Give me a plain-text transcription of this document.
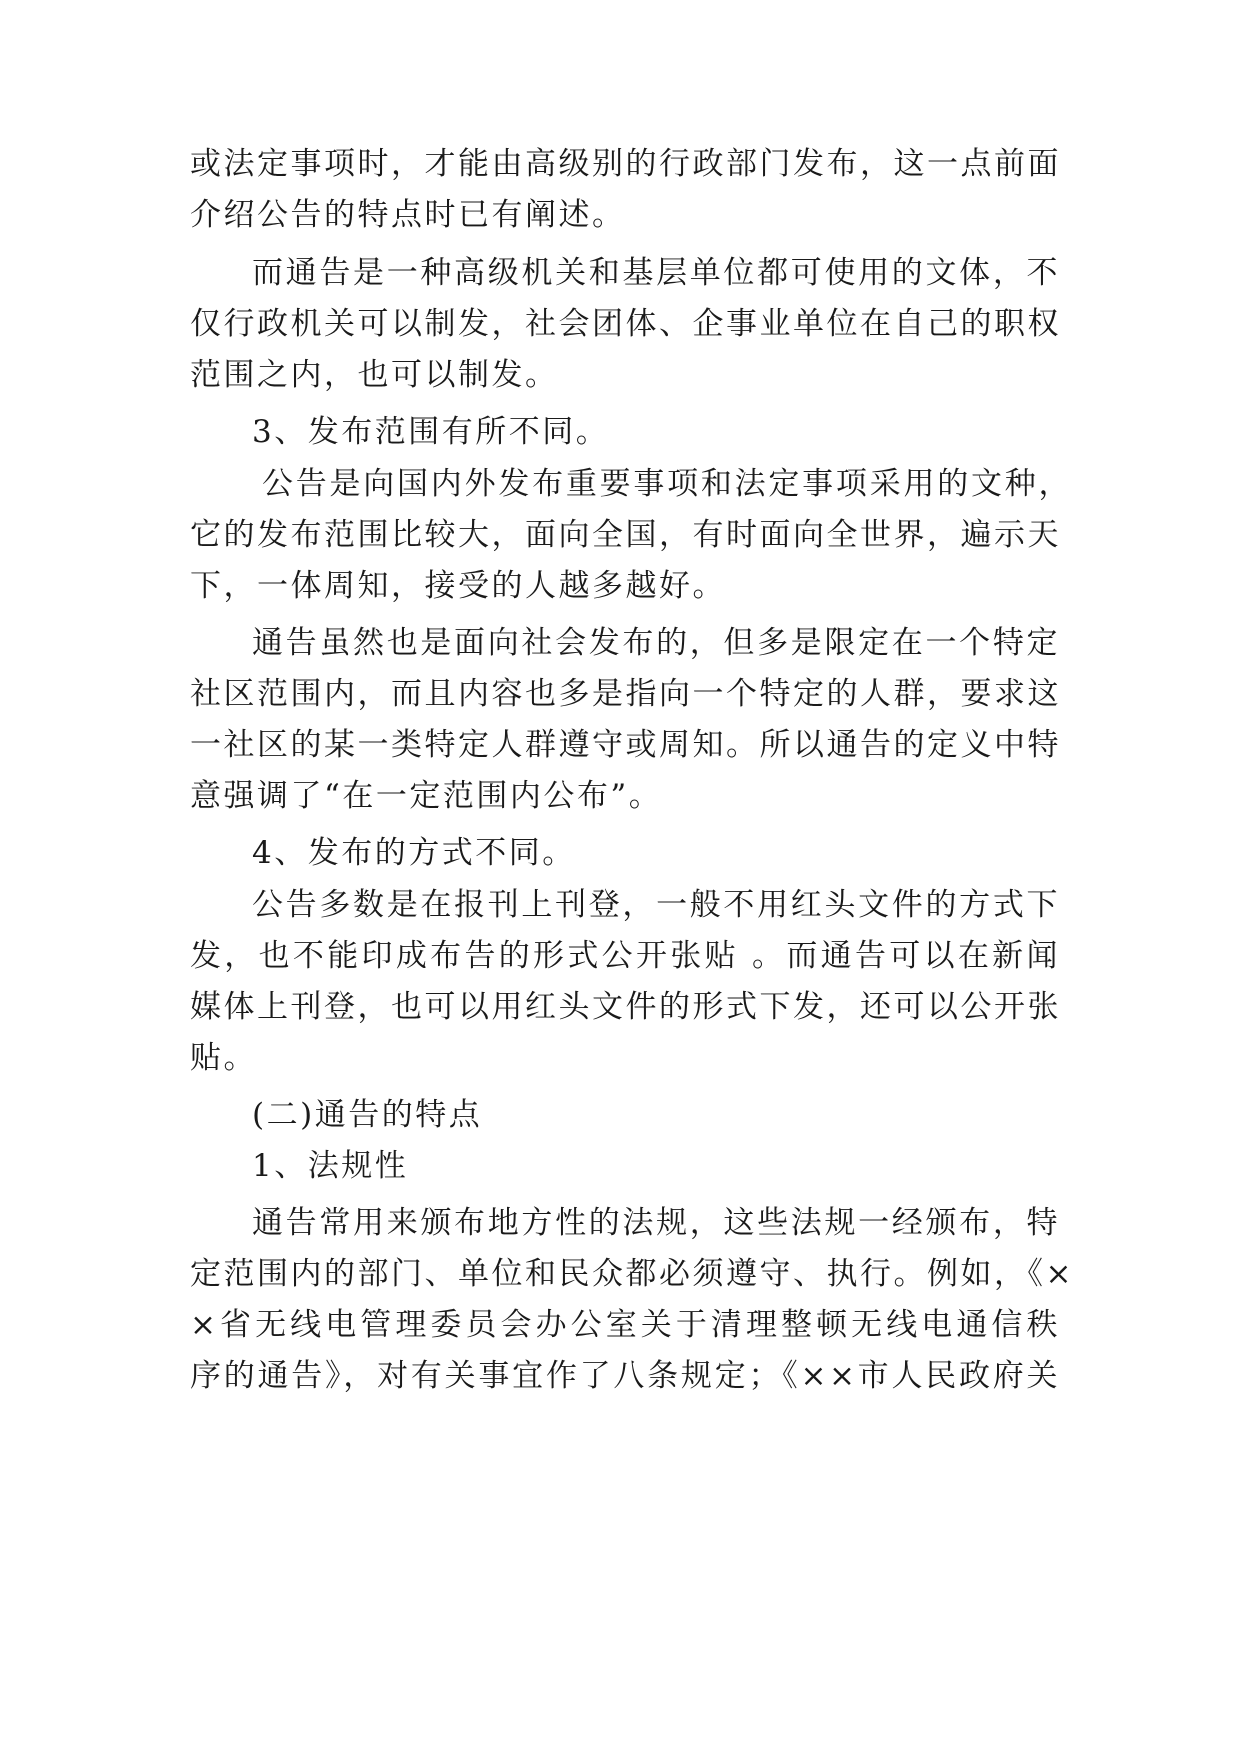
或法定事项时，才能由高级别的行政部门发布，这一点前面
介绍公告的特点时已有阐述。
而通告是一种高级机关和基层单位都可使用的文体，不
仅行政机关可以制发，社会团体、企事业单位在自己的职权
范围之内，也可以制发。
3、发布范围有所不同。
公告是向国内外发布重要事项和法定事项采用的文种，
它的发布范围比较大，面向全国，有时面向全世界，遍示天
下，一体周知，接受的人越多越好。
通告虽然也是面向社会发布的，但多是限定在一个特定
社区范围内，而且内容也多是指向一个特定的人群，要求这
一社区的某一类特定人群遵守或周知。所以通告的定义中特
意强调了“在一定范围内公布”。
4、发布的方式不同。
公告多数是在报刊上刊登，一般不用红头文件的方式下
发，也不能印成布告的形式公开张贴 。而通告可以在新闻
媒体上刊登，也可以用红头文件的形式下发，还可以公开张
贴。
(二)通告的特点
1、法规性
通告常用来颁布地方性的法规，这些法规一经颁布，特
定范围内的部门、单位和民众都必须遵守、执行。例如，《×
×省无线电管理委员会办公室关于清理整顿无线电通信秩
序的通告》，对有关事宜作了八条规定；《××市人民政府关
